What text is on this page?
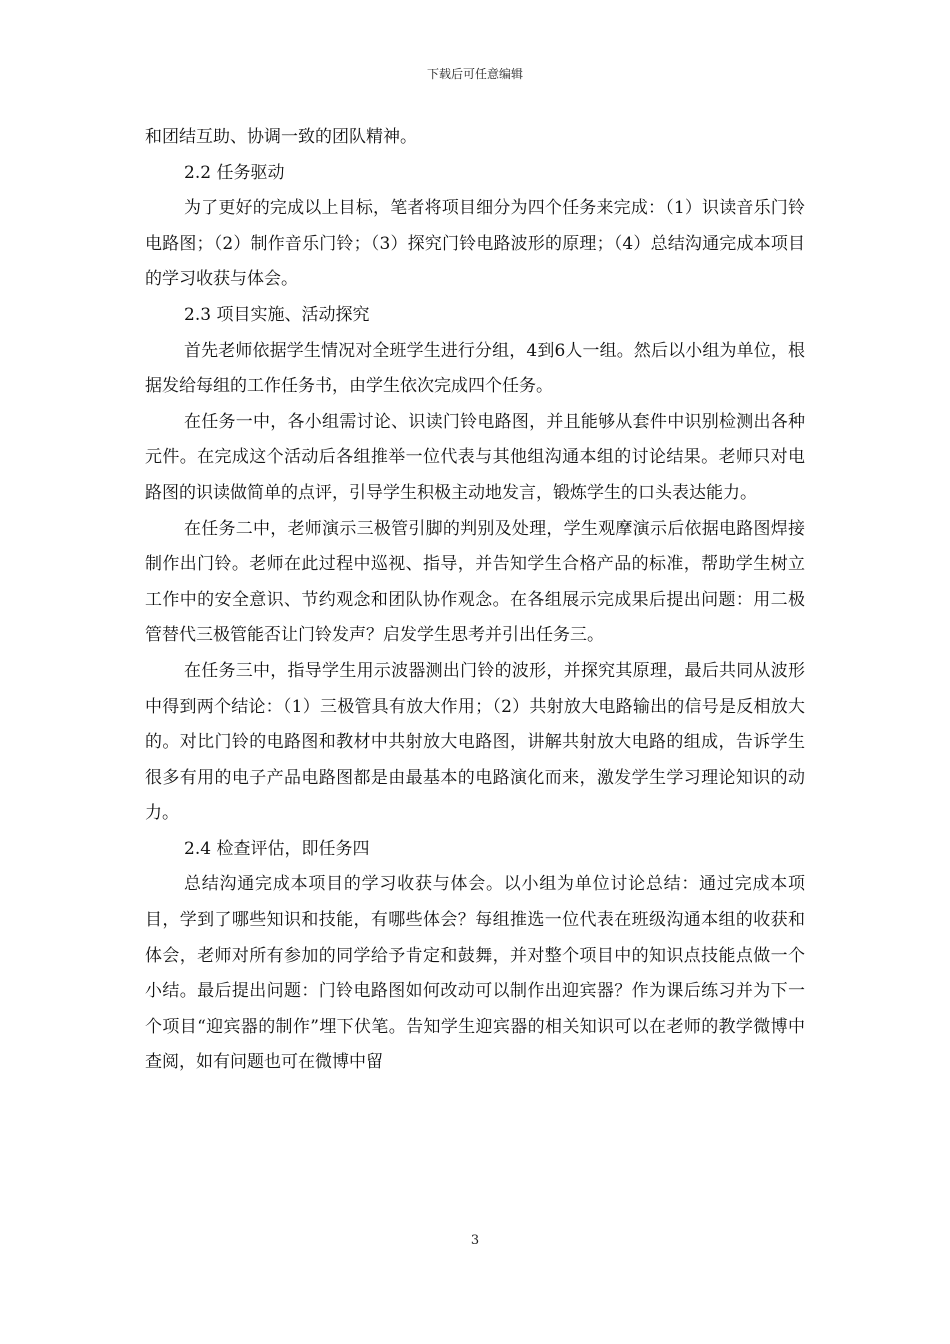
下载后可任意编辑

和团结互助、协调一致的团队精神。

2.2 任务驱动

为了更好的完成以上目标，笔者将项目细分为四个任务来完成：（1）识读音乐门铃电路图；（2）制作音乐门铃；（3）探究门铃电路波形的原理；（4）总结沟通完成本项目的学习收获与体会。

2.3 项目实施、活动探究

首先老师依据学生情况对全班学生进行分组，4到6人一组。然后以小组为单位，根据发给每组的工作任务书，由学生依次完成四个任务。

在任务一中，各小组需讨论、识读门铃电路图，并且能够从套件中识别检测出各种元件。在完成这个活动后各组推举一位代表与其他组沟通本组的讨论结果。老师只对电路图的识读做简单的点评，引导学生积极主动地发言，锻炼学生的口头表达能力。

在任务二中，老师演示三极管引脚的判别及处理，学生观摩演示后依据电路图焊接制作出门铃。老师在此过程中巡视、指导，并告知学生合格产品的标准，帮助学生树立工作中的安全意识、节约观念和团队协作观念。在各组展示完成果后提出问题：用二极管替代三极管能否让门铃发声？启发学生思考并引出任务三。

在任务三中，指导学生用示波器测出门铃的波形，并探究其原理，最后共同从波形中得到两个结论：（1）三极管具有放大作用；（2）共射放大电路输出的信号是反相放大的。对比门铃的电路图和教材中共射放大电路图，讲解共射放大电路的组成，告诉学生很多有用的电子产品电路图都是由最基本的电路演化而来，激发学生学习理论知识的动力。

2.4 检查评估，即任务四

总结沟通完成本项目的学习收获与体会。以小组为单位讨论总结：通过完成本项目，学到了哪些知识和技能，有哪些体会？每组推选一位代表在班级沟通本组的收获和体会，老师对所有参加的同学给予肯定和鼓舞，并对整个项目中的知识点技能点做一个小结。最后提出问题：门铃电路图如何改动可以制作出迎宾器？作为课后练习并为下一个项目“迎宾器的制作”埋下伏笔。告知学生迎宾器的相关知识可以在老师的教学微博中查阅，如有问题也可在微博中留

3
